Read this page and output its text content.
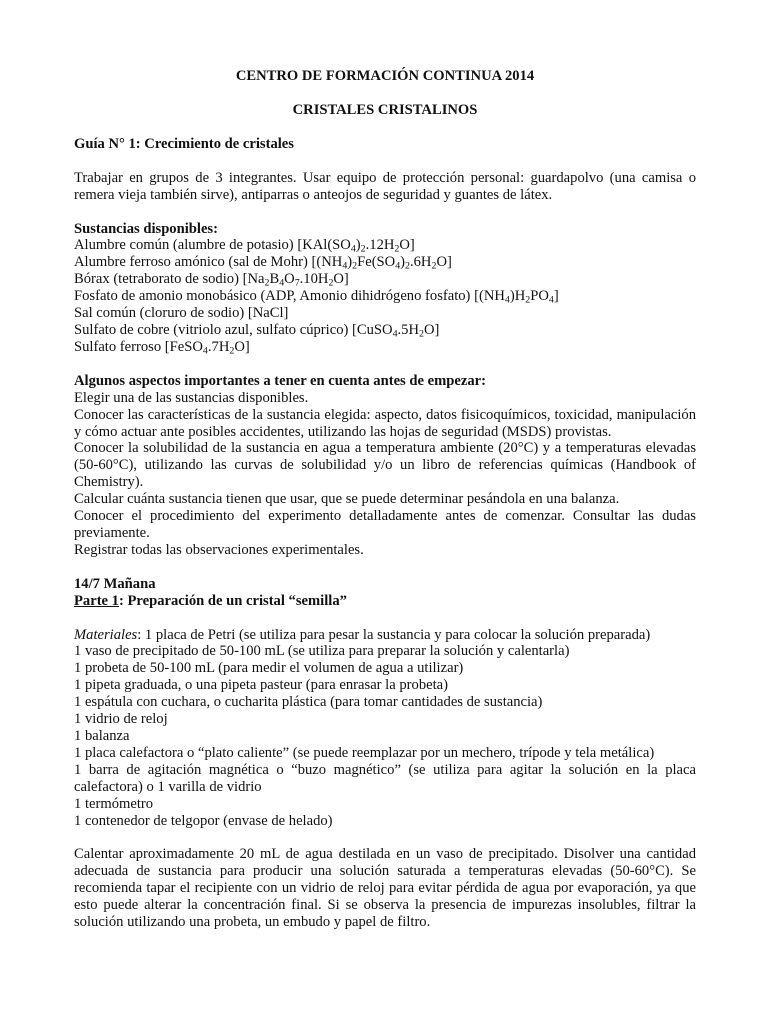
CENTRO DE FORMACIÓN CONTINUA 2014
CRISTALES CRISTALINOS
Guía N° 1: Crecimiento de cristales
Trabajar en grupos de 3 integrantes. Usar equipo de protección personal: guardapolvo (una camisa o remera vieja también sirve), antiparras o anteojos de seguridad y guantes de látex.
Sustancias disponibles:
Alumbre común (alumbre de potasio) $[KAl(SO_4)_2.12H_2O]$
Alumbre ferroso amónico (sal de Mohr) $[(NH_4)_2Fe(SO_4)_2.6H_2O]$
Bórax (tetraborato de sodio) $[Na_2B_4O_7.10H_2O]$
Fosfato de amonio monobásico (ADP, Amonio dihidrógeno fosfato) $[(NH_4)H_2PO_4]$
Sal común (cloruro de sodio) [NaCl]
Sulfato de cobre (vitriolo azul, sulfato cúprico) $[CuSO_4.5H_2O]$
Sulfato ferroso $[FeSO_4.7H_2O]$
Algunos aspectos importantes a tener en cuenta antes de empezar:
Elegir una de las sustancias disponibles.
Conocer las características de la sustancia elegida: aspecto, datos fisicoquímicos, toxicidad, manipulación y cómo actuar ante posibles accidentes, utilizando las hojas de seguridad (MSDS) provistas.
Conocer la solubilidad de la sustancia en agua a temperatura ambiente (20°C) y a temperaturas elevadas (50-60°C), utilizando las curvas de solubilidad y/o un libro de referencias químicas (Handbook of Chemistry).
Calcular cuánta sustancia tienen que usar, que se puede determinar pesándola en una balanza.
Conocer el procedimiento del experimento detalladamente antes de comenzar. Consultar las dudas previamente.
Registrar todas las observaciones experimentales.
14/7 Mañana
Parte 1: Preparación de un cristal “semilla”
Materiales: 1 placa de Petri (se utiliza para pesar la sustancia y para colocar la solución preparada)
1 vaso de precipitado de 50-100 mL (se utiliza para preparar la solución y calentarla)
1 probeta de 50-100 mL (para medir el volumen de agua a utilizar)
1 pipeta graduada, o una pipeta pasteur (para enrasar la probeta)
1 espátula con cuchara, o cucharita plástica (para tomar cantidades de sustancia)
1 vidrio de reloj
1 balanza
1 placa calefactora o “plato caliente” (se puede reemplazar por un mechero, trípode y tela metálica)
1 barra de agitación magnética o “buzo magnético” (se utiliza para agitar la solución en la placa calefactora) o 1 varilla de vidrio
1 termómetro
1 contenedor de telgopor (envase de helado)
Calentar aproximadamente 20 mL de agua destilada en un vaso de precipitado. Disolver una cantidad adecuada de sustancia para producir una solución saturada a temperaturas elevadas (50-60°C). Se recomienda tapar el recipiente con un vidrio de reloj para evitar pérdida de agua por evaporación, ya que esto puede alterar la concentración final. Si se observa la presencia de impurezas insolubles, filtrar la solución utilizando una probeta, un embudo y papel de filtro.
